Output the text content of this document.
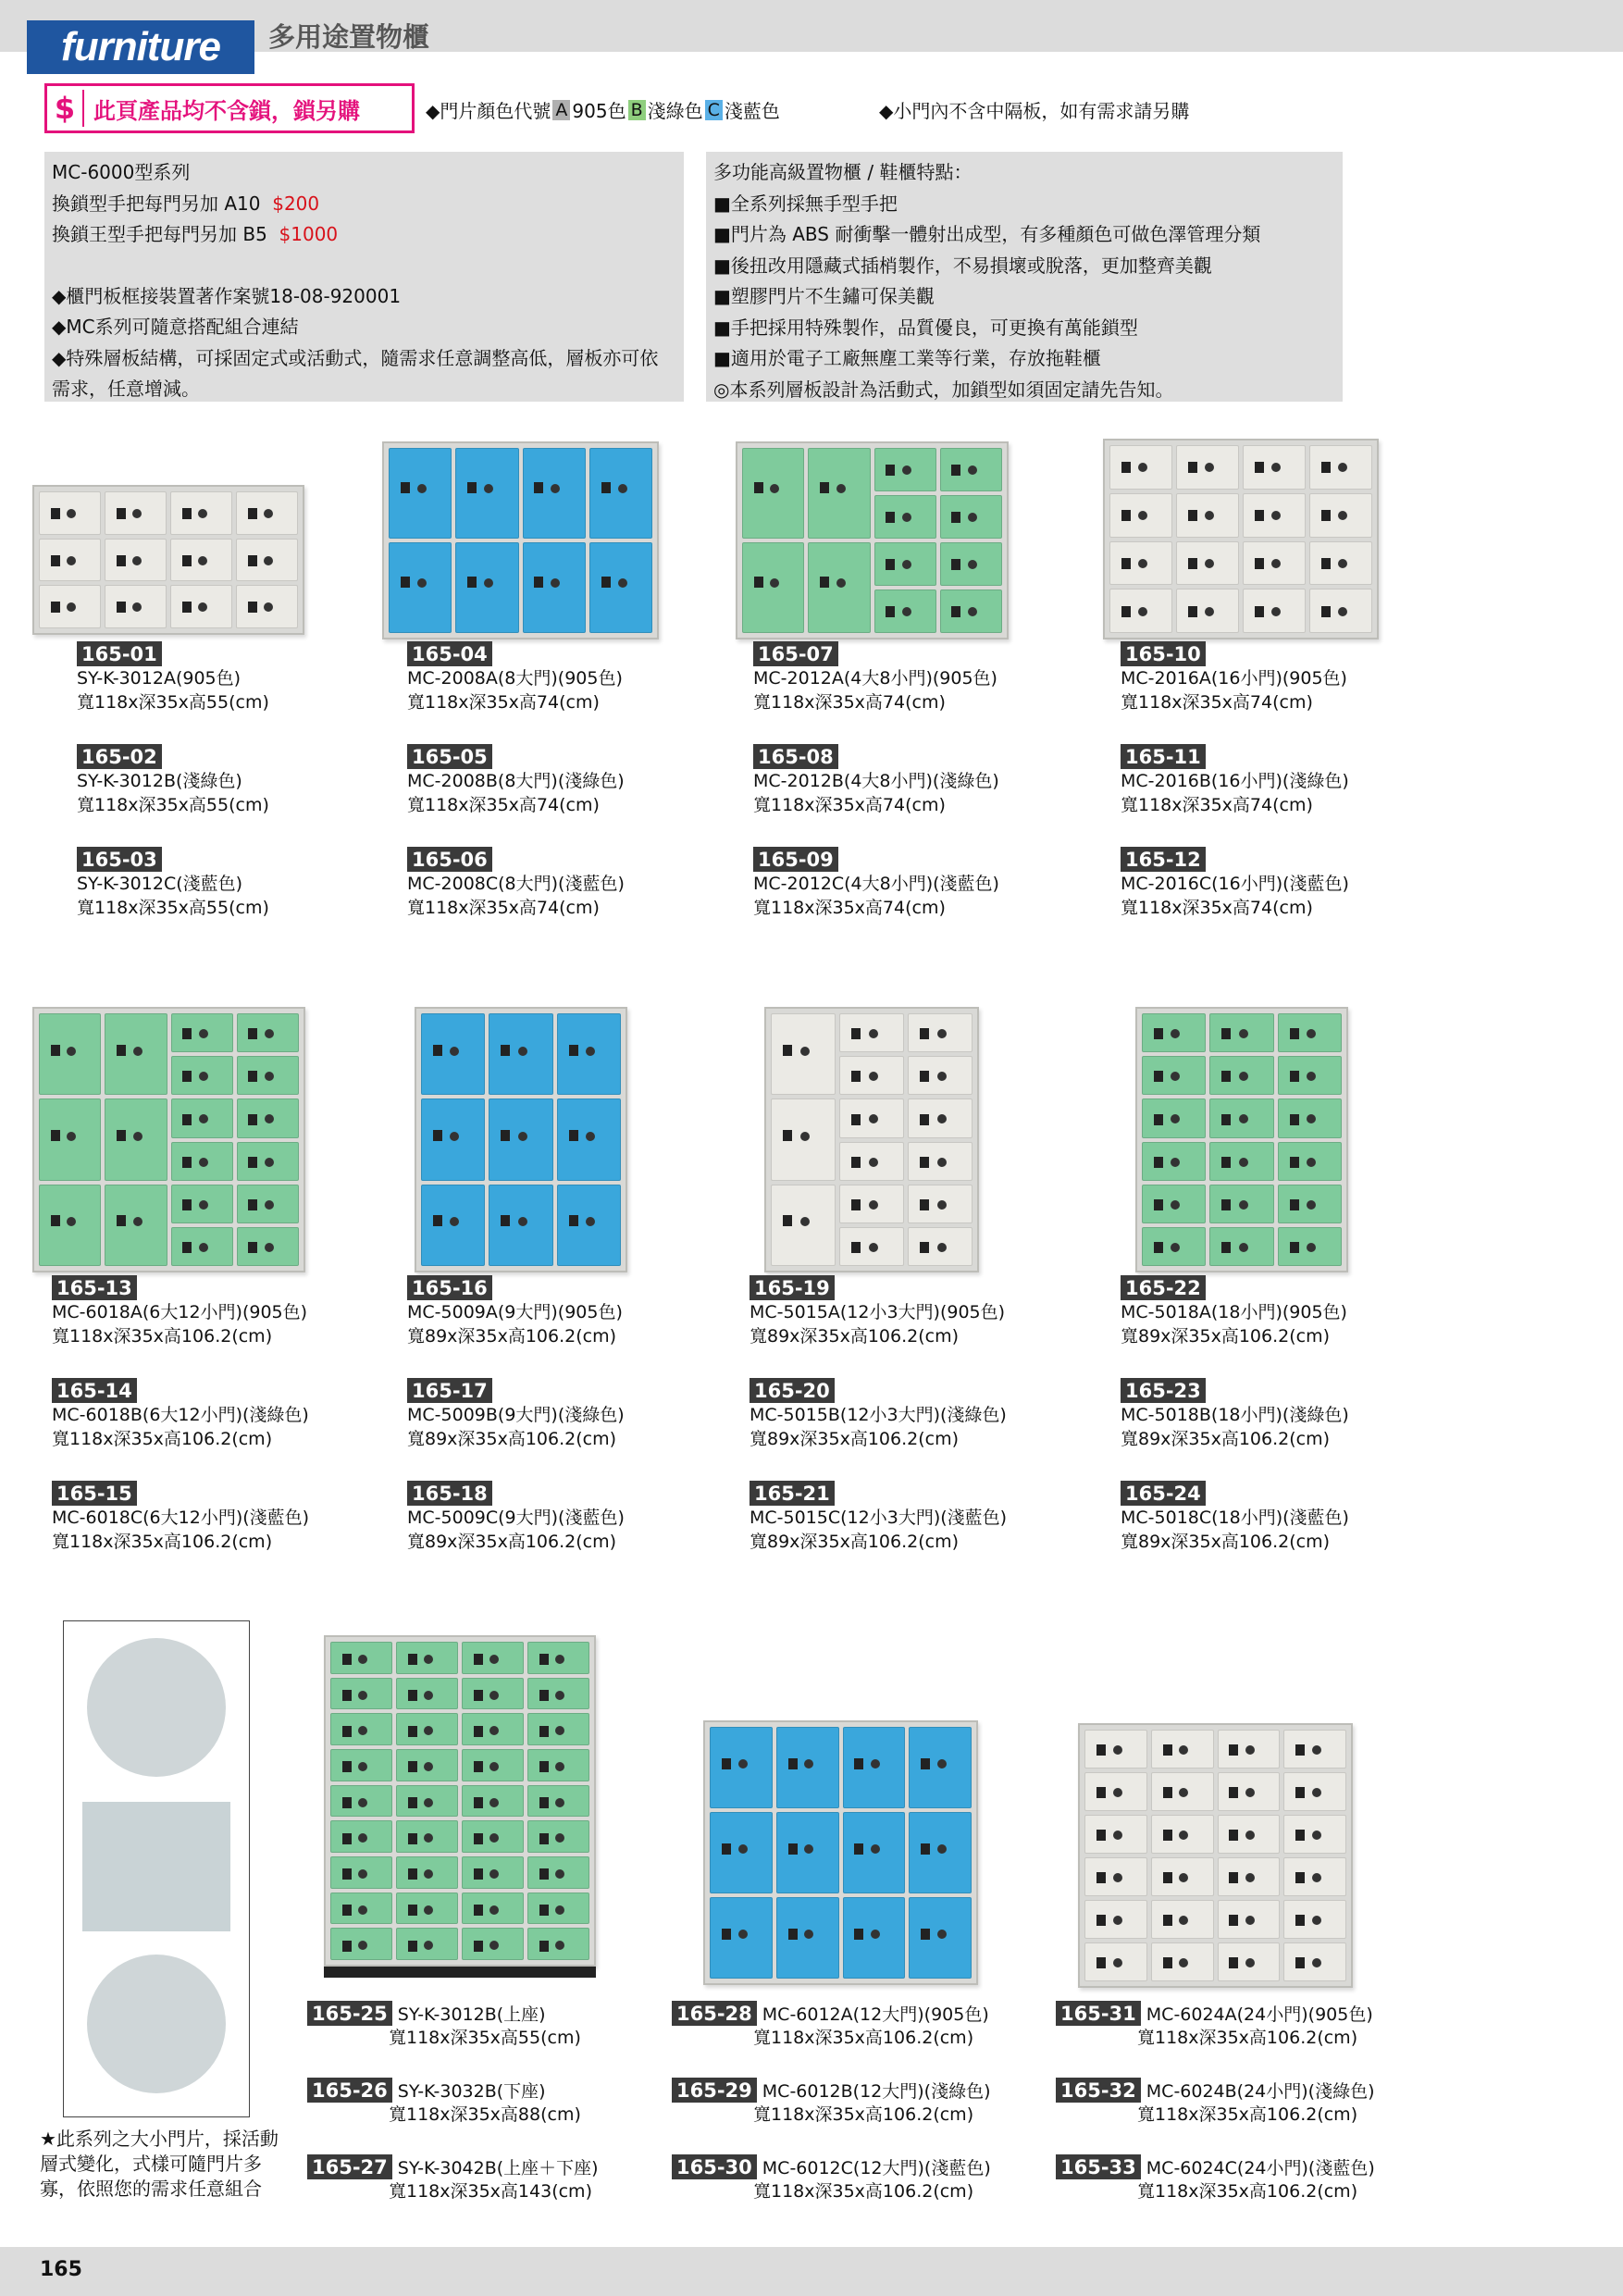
furniture	多用途置物櫃
$ 此頁產品均不含鎖，鎖另購	◆門片顏色代號 A 905色 B 淺綠色 C 淺藍色	◆小門內不含中隔板，如有需求請另購
MC-6000型系列
換鎖型手把每門另加 A10 $200
換鎖王型手把每門另加 B5 $1000
◆櫃門板框接裝置著作案號18-08-920001
◆MC系列可隨意搭配組合連結
◆特殊層板結構，可採固定式或活動式，隨需求任意調整高低，層板亦可依需求，任意增減。
多功能高級置物櫃 / 鞋櫃特點：
■全系列採無手型手把
■門片為 ABS 耐衝擊一體射出成型，有多種顏色可做色澤管理分類
■後扭改用隱藏式插梢製作，不易損壞或脫落，更加整齊美觀
■塑膠門片不生鏽可保美觀
■手把採用特殊製作，品質優良，可更換有萬能鎖型
■適用於電子工廠無塵工業等行業，存放拖鞋櫃
◎本系列層板設計為活動式，加鎖型如須固定請先告知。
165-01
SY-K-3012A(905色)
寬118x深35x高55(cm)
165-02
SY-K-3012B(淺綠色)
寬118x深35x高55(cm)
165-03
SY-K-3012C(淺藍色)
寬118x深35x高55(cm)
165-04
MC-2008A(8大門)(905色)
寬118x深35x高74(cm)
165-05
MC-2008B(8大門)(淺綠色)
寬118x深35x高74(cm)
165-06
MC-2008C(8大門)(淺藍色)
寬118x深35x高74(cm)
165-07
MC-2012A(4大8小門)(905色)
寬118x深35x高74(cm)
165-08
MC-2012B(4大8小門)(淺綠色)
寬118x深35x高74(cm)
165-09
MC-2012C(4大8小門)(淺藍色)
寬118x深35x高74(cm)
165-10
MC-2016A(16小門)(905色)
寬118x深35x高74(cm)
165-11
MC-2016B(16小門)(淺綠色)
寬118x深35x高74(cm)
165-12
MC-2016C(16小門)(淺藍色)
寬118x深35x高74(cm)
165-13
MC-6018A(6大12小門)(905色)
寬118x深35x高106.2(cm)
165-14
MC-6018B(6大12小門)(淺綠色)
寬118x深35x高106.2(cm)
165-15
MC-6018C(6大12小門)(淺藍色)
寬118x深35x高106.2(cm)
165-16
MC-5009A(9大門)(905色)
寬89x深35x高106.2(cm)
165-17
MC-5009B(9大門)(淺綠色)
寬89x深35x高106.2(cm)
165-18
MC-5009C(9大門)(淺藍色)
寬89x深35x高106.2(cm)
165-19
MC-5015A(12小3大門)(905色)
寬89x深35x高106.2(cm)
165-20
MC-5015B(12小3大門)(淺綠色)
寬89x深35x高106.2(cm)
165-21
MC-5015C(12小3大門)(淺藍色)
寬89x深35x高106.2(cm)
165-22
MC-5018A(18小門)(905色)
寬89x深35x高106.2(cm)
165-23
MC-5018B(18小門)(淺綠色)
寬89x深35x高106.2(cm)
165-24
MC-5018C(18小門)(淺藍色)
寬89x深35x高106.2(cm)
165-25 SY-K-3012B(上座)
寬118x深35x高55(cm)
165-26 SY-K-3032B(下座)
寬118x深35x高88(cm)
165-27 SY-K-3042B(上座＋下座)
寬118x深35x高143(cm)
165-28 MC-6012A(12大門)(905色)
寬118x深35x高106.2(cm)
165-29 MC-6012B(12大門)(淺綠色)
寬118x深35x高106.2(cm)
165-30 MC-6012C(12大門)(淺藍色)
寬118x深35x高106.2(cm)
165-31 MC-6024A(24小門)(905色)
寬118x深35x高106.2(cm)
165-32 MC-6024B(24小門)(淺綠色)
寬118x深35x高106.2(cm)
165-33 MC-6024C(24小門)(淺藍色)
寬118x深35x高106.2(cm)
★此系列之大小門片，採活動層式變化，式樣可隨門片多寡，依照您的需求任意組合
165
